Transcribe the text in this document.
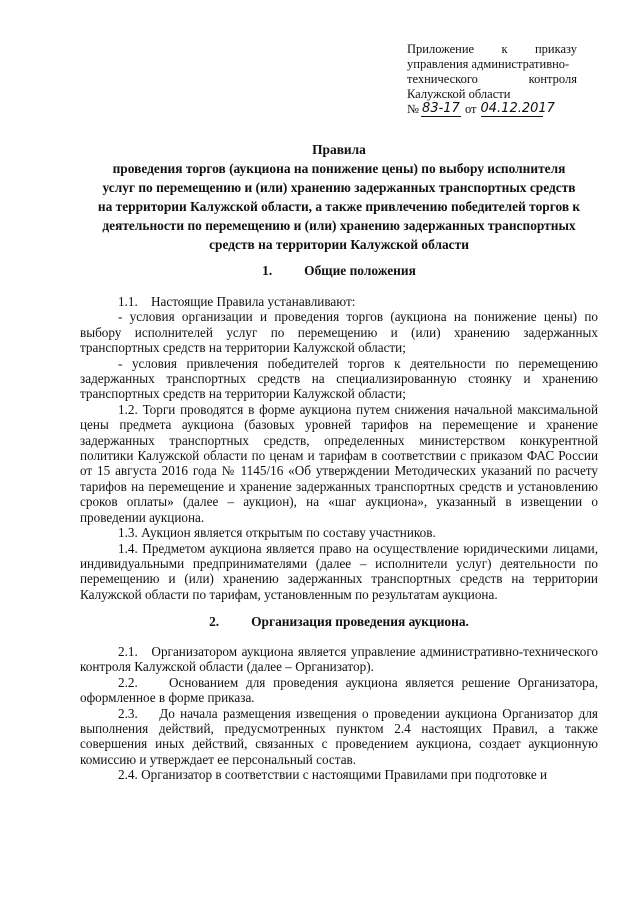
Приложение к приказу
управления административно-
технического	контроля
Калужской области
№ 83-17 от 04.12.2017
Правила
проведения торгов (аукциона на понижение цены) по выбору исполнителя
услуг по перемещению и (или) хранению задержанных транспортных средств
на территории Калужской области, а также привлечению победителей торгов к
деятельности по перемещению и (или) хранению задержанных транспортных
средств на территории Калужской области
1. Общие положения

1.1.    Настоящие Правила устанавливают:

- условия организации и проведения торгов (аукциона на понижение цены) по выбору исполнителей услуг по перемещению и (или) хранению задержанных транспортных средств на территории Калужской области;

- условия привлечения победителей торгов к деятельности по перемещению задержанных транспортных средств на специализированную стоянку и хранению транспортных средств на территории Калужской области;

1.2. Торги проводятся в форме аукциона путем снижения начальной максимальной цены предмета аукциона (базовых уровней тарифов на перемещение и хранение задержанных транспортных средств, определенных министерством конкурентной политики Калужской области по ценам и тарифам в соответствии с приказом ФАС России от 15 августа 2016 года № 1145/16 «Об утверждении Методических указаний по расчету тарифов на перемещение и хранение задержанных транспортных средств и установлению сроков оплаты» (далее – аукцион), на «шаг аукциона», указанный в извещении о проведении аукциона.

1.3. Аукцион является открытым по составу участников.

1.4. Предметом аукциона является право на осуществление юридическими лицами, индивидуальными предпринимателями (далее – исполнители услуг) деятельности по перемещению и (или) хранению задержанных транспортных средств на территории Калужской области по тарифам, установленным по результатам аукциона.

2. Организация проведения аукциона.

2.1.   Организатором аукциона является управление административно-технического контроля Калужской области (далее – Организатор).

2.2.    Основанием для проведения аукциона является решение Организатора, оформленное в форме приказа.

2.3.    До начала размещения извещения о проведении аукциона Организатор для выполнения действий, предусмотренных пунктом 2.4 настоящих Правил, а также совершения иных действий, связанных с проведением аукциона, создает аукционную комиссию и утверждает ее персональный состав.

2.4. Организатор в соответствии с настоящими Правилами при подготовке и
